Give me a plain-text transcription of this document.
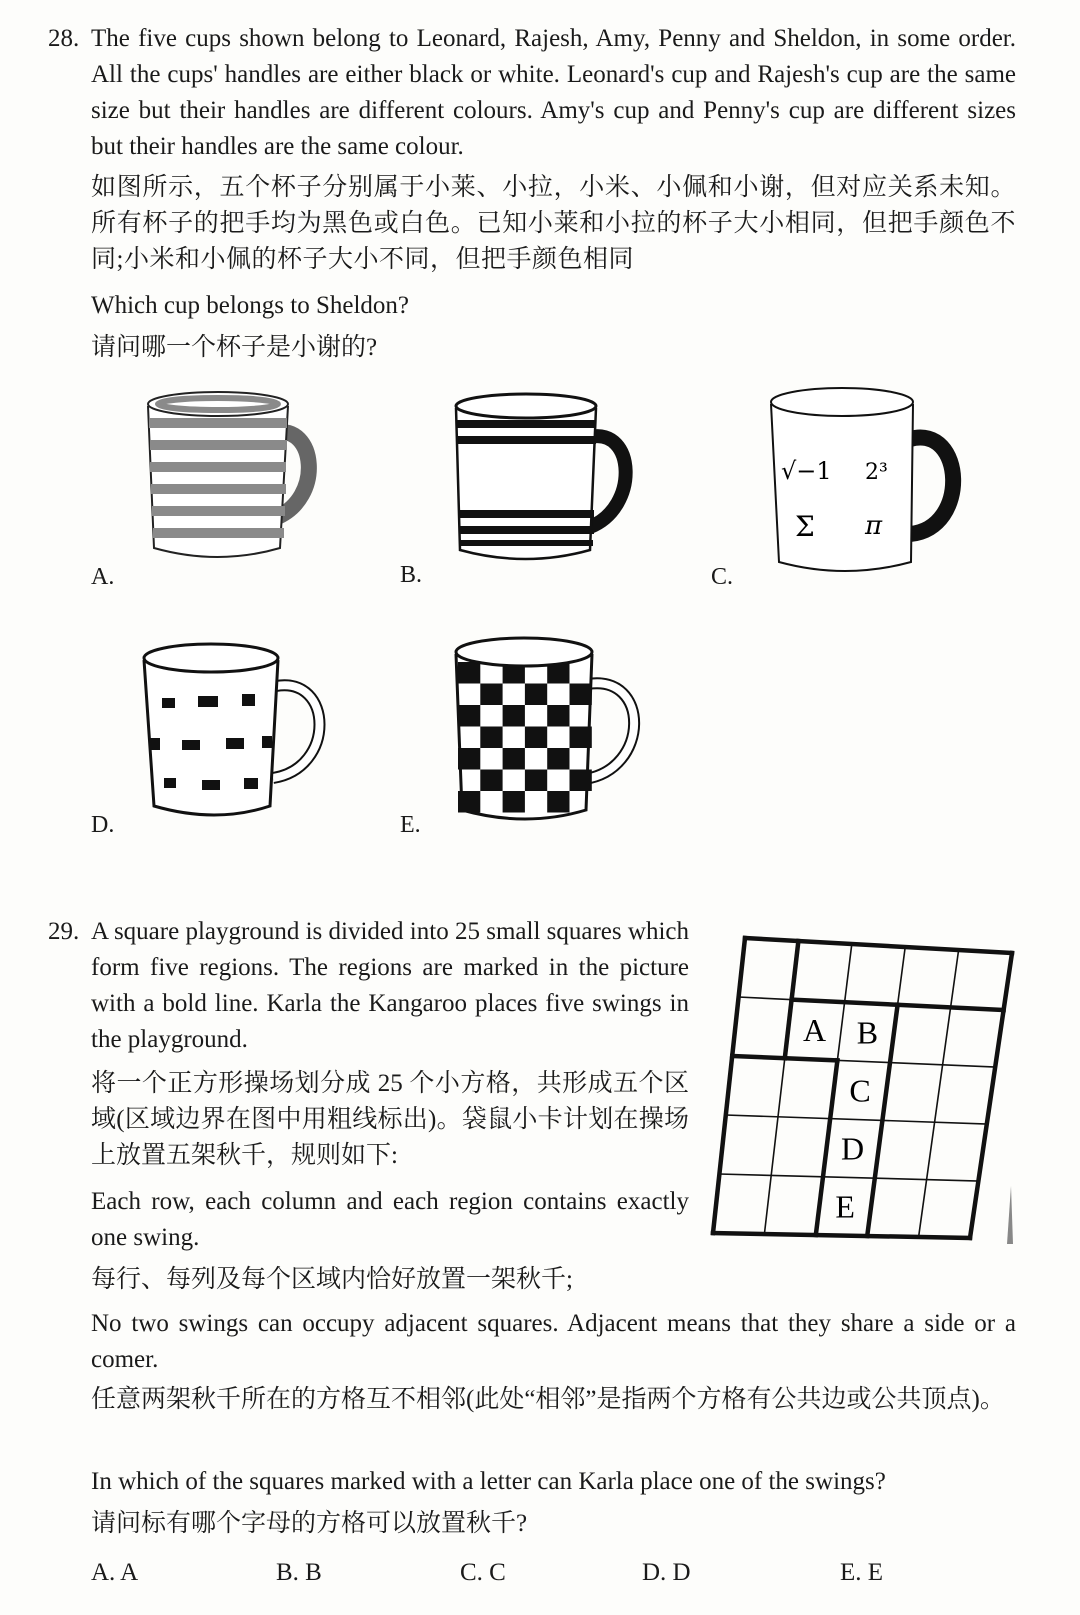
28. The five cups shown belong to Leonard, Rajesh, Amy, Penny and Sheldon, in some order. All the cups' handles are either black or white. Leonard's cup and Rajesh's cup are the same size but their handles are different colours. Amy's cup and Penny's cup are different sizes but their handles are the same colour.
如图所示，五个杯子分别属于小莱、小拉，小米、小佩和小谢，但对应关系未知。所有杯子的把手均为黑色或白色。已知小莱和小拉的杯子大小相同，但把手颜色不同;小米和小佩的杯子大小不同，但把手颜色相同
Which cup belongs to Sheldon?
请问哪一个杯子是小谢的?
A.	B.
√−1 2³
Σ π
C.
D.	E.
29. A square playground is divided into 25 small squares which form five regions. The regions are marked in the picture with a bold line. Karla the Kangaroo places five swings in the playground.
将一个正方形操场划分成 25 个小方格，共形成五个区域(区域边界在图中用粗线标出)。袋鼠小卡计划在操场上放置五架秋千，规则如下:
Each row, each column and each region contains exactly one swing.
每行、每列及每个区域内恰好放置一架秋千;
No two swings can occupy adjacent squares. Adjacent means that they share a side or a comer.
任意两架秋千所在的方格互不相邻(此处“相邻”是指两个方格有公共边或公共顶点)。
In which of the squares marked with a letter can Karla place one of the swings?
请问标有哪个字母的方格可以放置秋千?
A. A	B. B	C. C	D. D	E. E
A B
C
D
E
